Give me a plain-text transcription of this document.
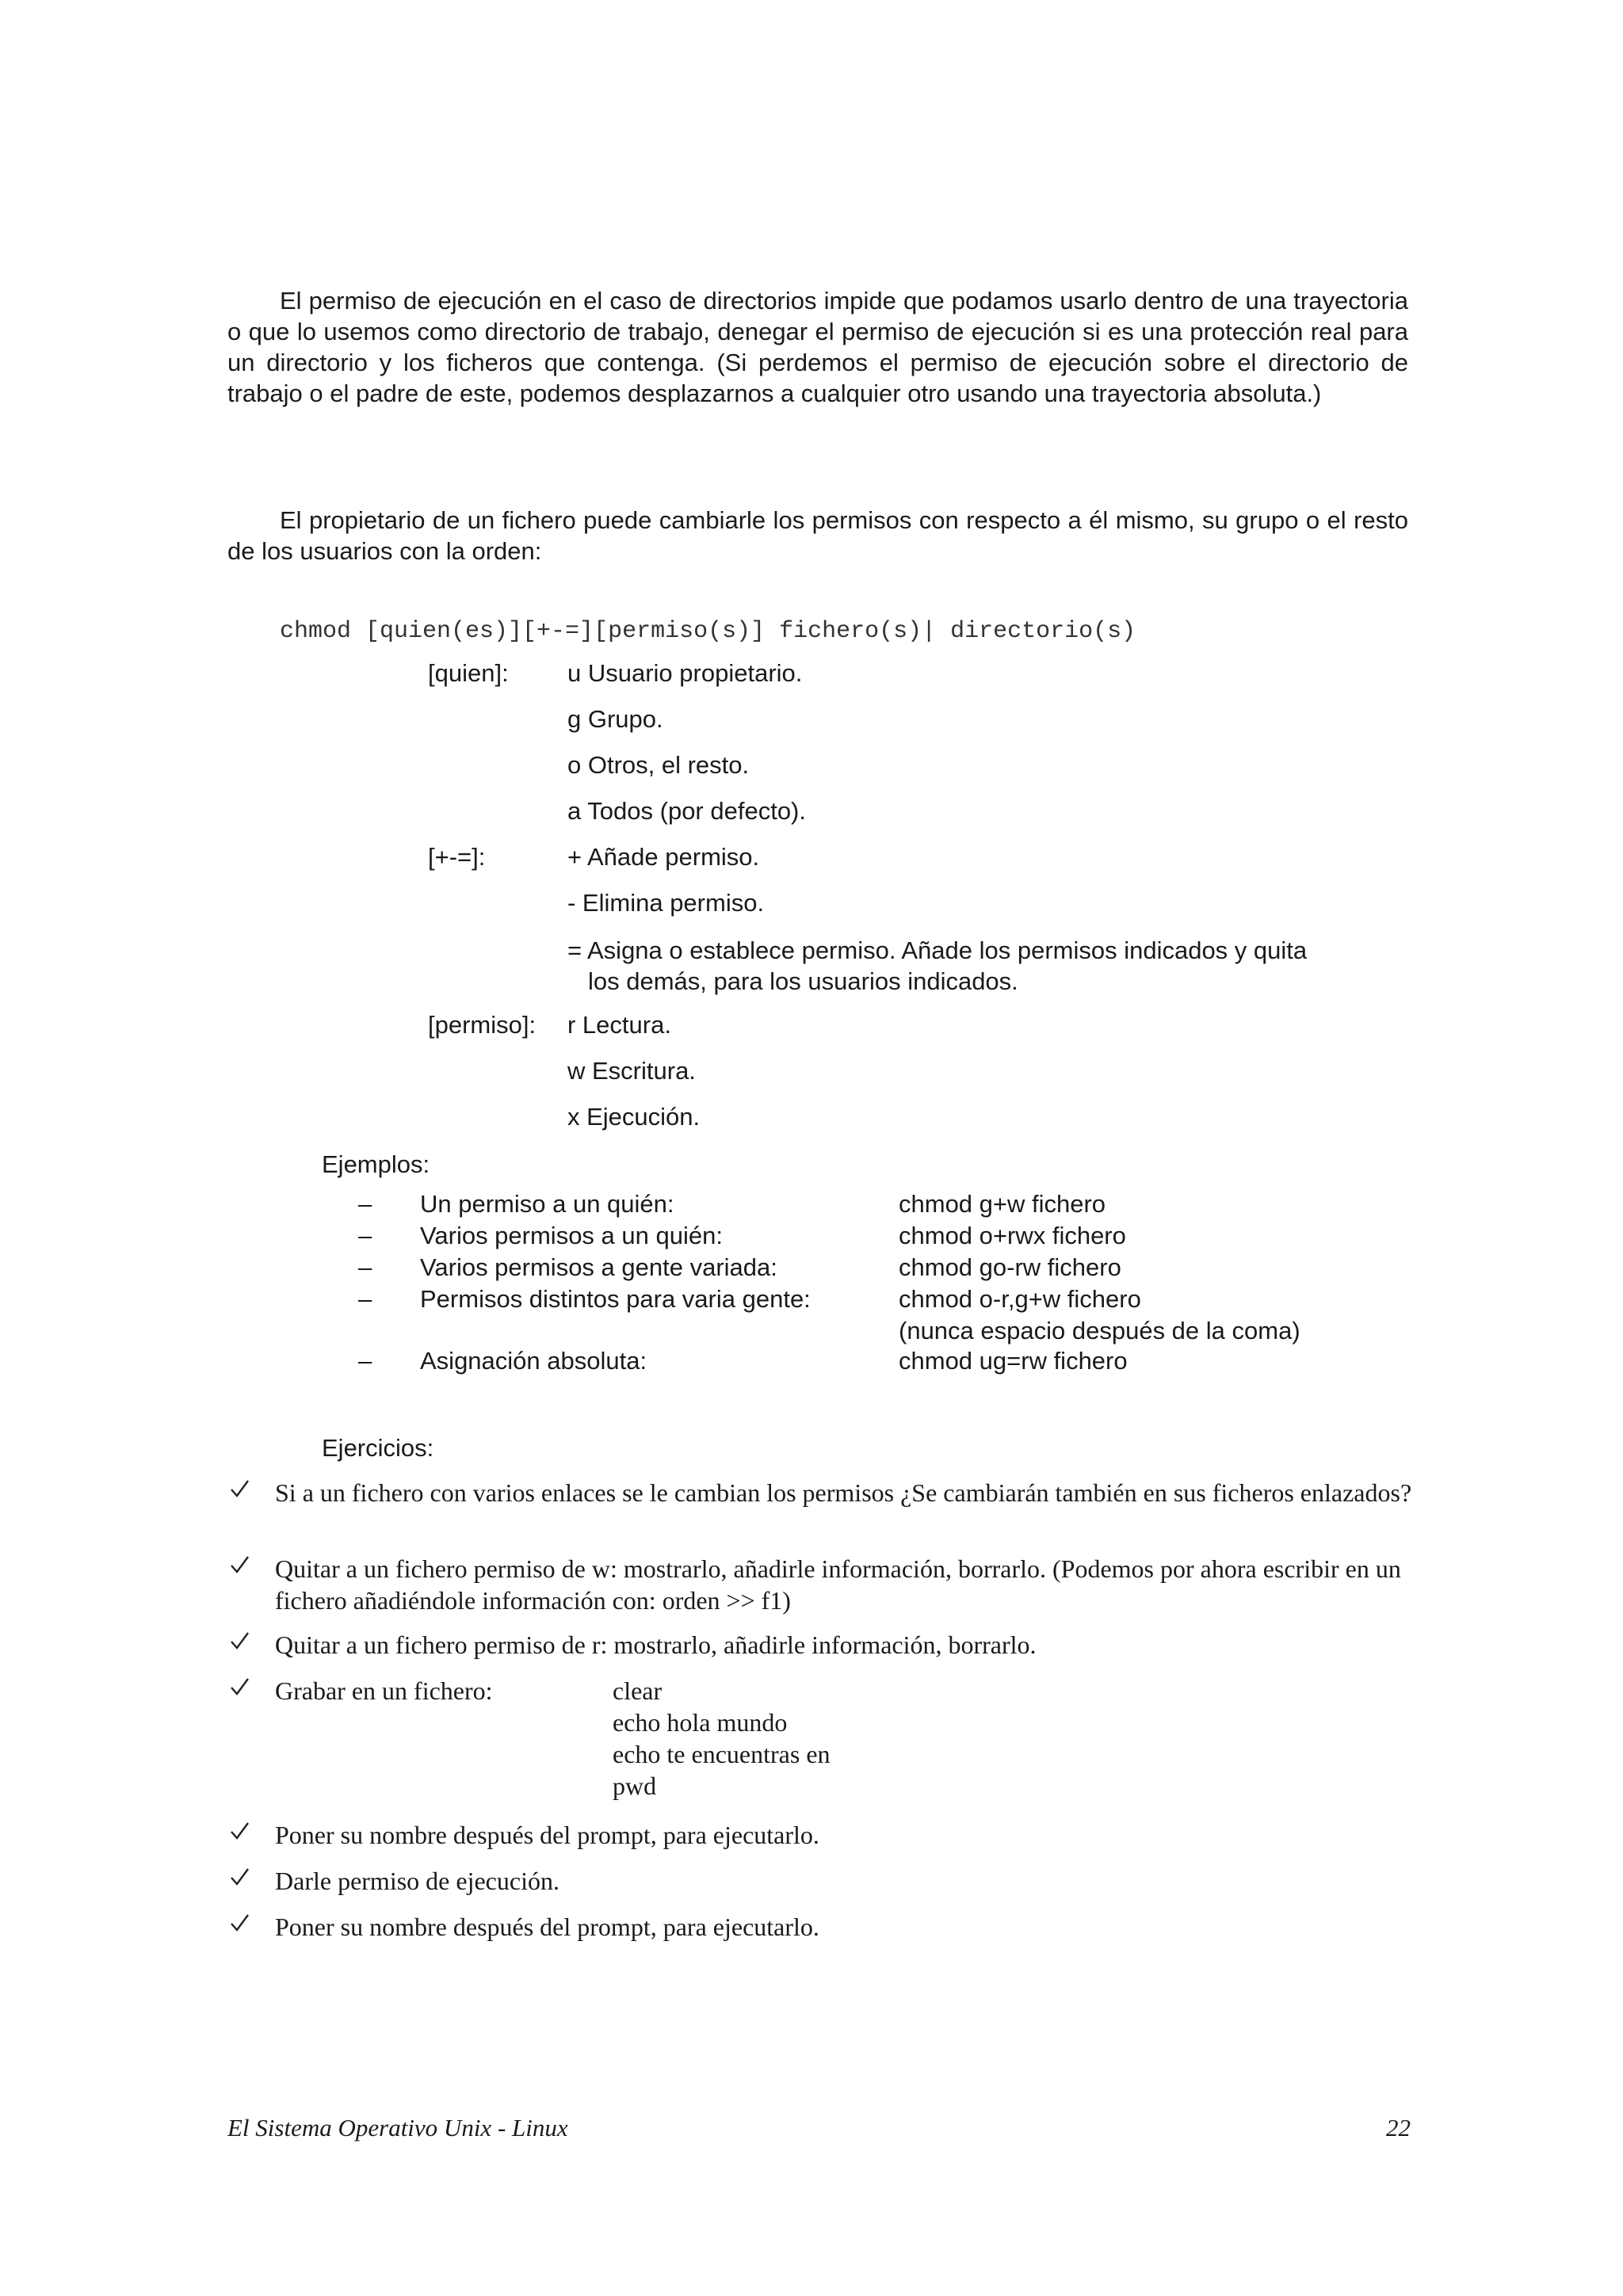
El permiso de ejecución en el caso de directorios impide que podamos usarlo dentro de una trayectoria o que lo usemos como directorio de trabajo, denegar el permiso de ejecución si es una protección real para un directorio y los ficheros que contenga. (Si perdemos el permiso de ejecución sobre el directorio de trabajo o el padre de este, podemos desplazarnos a cualquier otro usando una trayectoria absoluta.)

El propietario de un fichero puede cambiarle los permisos con respecto a él mismo, su grupo o el resto de los usuarios con la orden:

chmod [quien(es)][+-=][permiso(s)] fichero(s)| directorio(s)
[quien]: u Usuario propietario.
g Grupo.
o Otros, el resto.
a Todos (por defecto).
[+-=]:	+ Añade permiso.
- Elimina permiso.
= Asigna o establece permiso. Añade los permisos indicados y quita
los demás, para los usuarios indicados.
[permiso]: r Lectura.
w Escritura.
x Ejecución.
Ejemplos:
– Un permiso a un quién:	chmod g+w fichero
– Varios permisos a un quién:	chmod o+rwx fichero
– Varios permisos a gente variada:	chmod go-rw fichero
– Permisos distintos para varia gente:	chmod o-r,g+w fichero
(nunca espacio después de la coma)
– Asignación absoluta:	chmod ug=rw fichero
Ejercicios:
Si a un fichero con varios enlaces se le cambian los permisos ¿Se cambiarán también en sus ficheros enlazados?
Quitar a un fichero permiso de w: mostrarlo, añadirle información, borrarlo. (Podemos por ahora escribir en un fichero añadiéndole información con: orden >> f1)
Quitar a un fichero permiso de r: mostrarlo, añadirle información, borrarlo.
Grabar en un fichero:	clear
echo hola mundo
echo te encuentras en
pwd
Poner su nombre después del prompt, para ejecutarlo.
Darle permiso de ejecución.
Poner su nombre después del prompt, para ejecutarlo.
El Sistema Operativo Unix - Linux	22
